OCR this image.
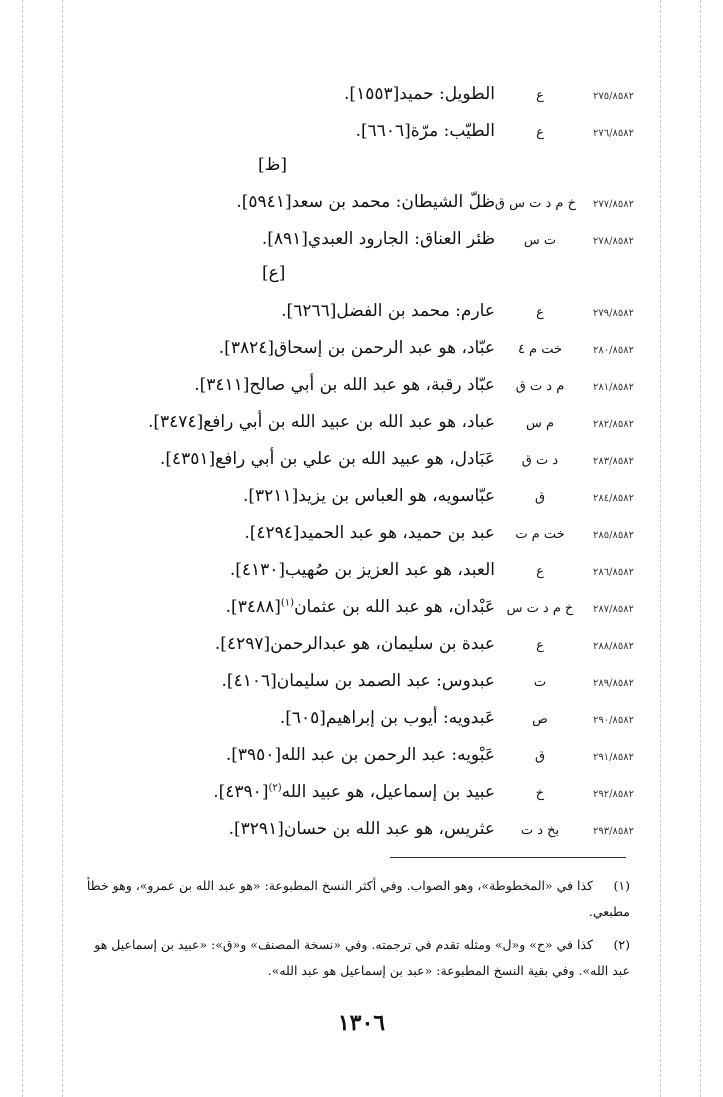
٢٧٥/٨٥٨٢
ع
الطويل: حميد[١٥٥٣].
٢٧٦/٨٥٨٢
ع
الطيّب: مرّة[٦٦٠٦].
[ظ]
٢٧٧/٨٥٨٢
خ م د ت س ق
ظلّ الشيطان: محمد بن سعد[٥٩٤١].
٢٧٨/٨٥٨٢
ت س
ظئر العناق: الجارود العبدي[٨٩١].
[ع]
٢٧٩/٨٥٨٢
ع
عارم: محمد بن الفضل[٦٢٦٦].
٢٨٠/٨٥٨٢
خت م ٤
عبّاد، هو عبد الرحمن بن إسحاق[٣٨٢٤].
٢٨١/٨٥٨٢
م د ت ق
عبّاد رقبة، هو عبد الله بن أبي صالح[٣٤١١].
٢٨٢/٨٥٨٢
م س
عباد، هو عبد الله بن عبيد الله بن أبي رافع[٣٤٧٤].
٢٨٣/٨٥٨٢
د ت ق
عَبَادل، هو عبيد الله بن علي بن أبي رافع[٤٣٥١].
٢٨٤/٨٥٨٢
ق
عبّاسويه، هو العباس بن يزيد[٣٢١١].
٢٨٥/٨٥٨٢
خت م ت
عبد بن حميد، هو عبد الحميد[٤٢٩٤].
٢٨٦/٨٥٨٢
ع
العبد، هو عبد العزيز بن صُهيب[٤١٣٠].
٢٨٧/٨٥٨٢
خ م د ت س
عَبْدان، هو عبد الله بن عثمان$^{(١)}$[٣٤٨٨].
٢٨٨/٨٥٨٢
ع
عبدة بن سليمان، هو عبدالرحمن[٤٢٩٧].
٢٨٩/٨٥٨٢
ت
عبدوس: عبد الصمد بن سليمان[٤١٠٦].
٢٩٠/٨٥٨٢
ص
عَبدويه: أيوب بن إبراهيم[٦٠٥].
٢٩١/٨٥٨٢
ق
عَبْويه: عبد الرحمن بن عبد الله[٣٩٥٠].
٢٩٢/٨٥٨٢
خ
عبيد بن إسماعيل، هو عبيد الله$^{(٢)}$[٤٣٩٠].
٢٩٣/٨٥٨٢
بخ د ت
عثريس، هو عبد الله بن حسان[٣٢٩١].
(١)
كذا في «المخطوطة»، وهو الصواب. وفي أكثر النسخ المطبوعة: «هو عبد الله بن عمرو»، وهو خطأ
مطبعي.
(٢)
كذا في «ح» و«ل» ومثله تقدم في ترجمته. وفي «نسخة المصنف» و«ق»: «عبيد بن إسماعيل هو
عبد الله». وفي بقية النسخ المطبوعة: «عبد بن إسماعيل هو عبد الله».
١٣٠٦
